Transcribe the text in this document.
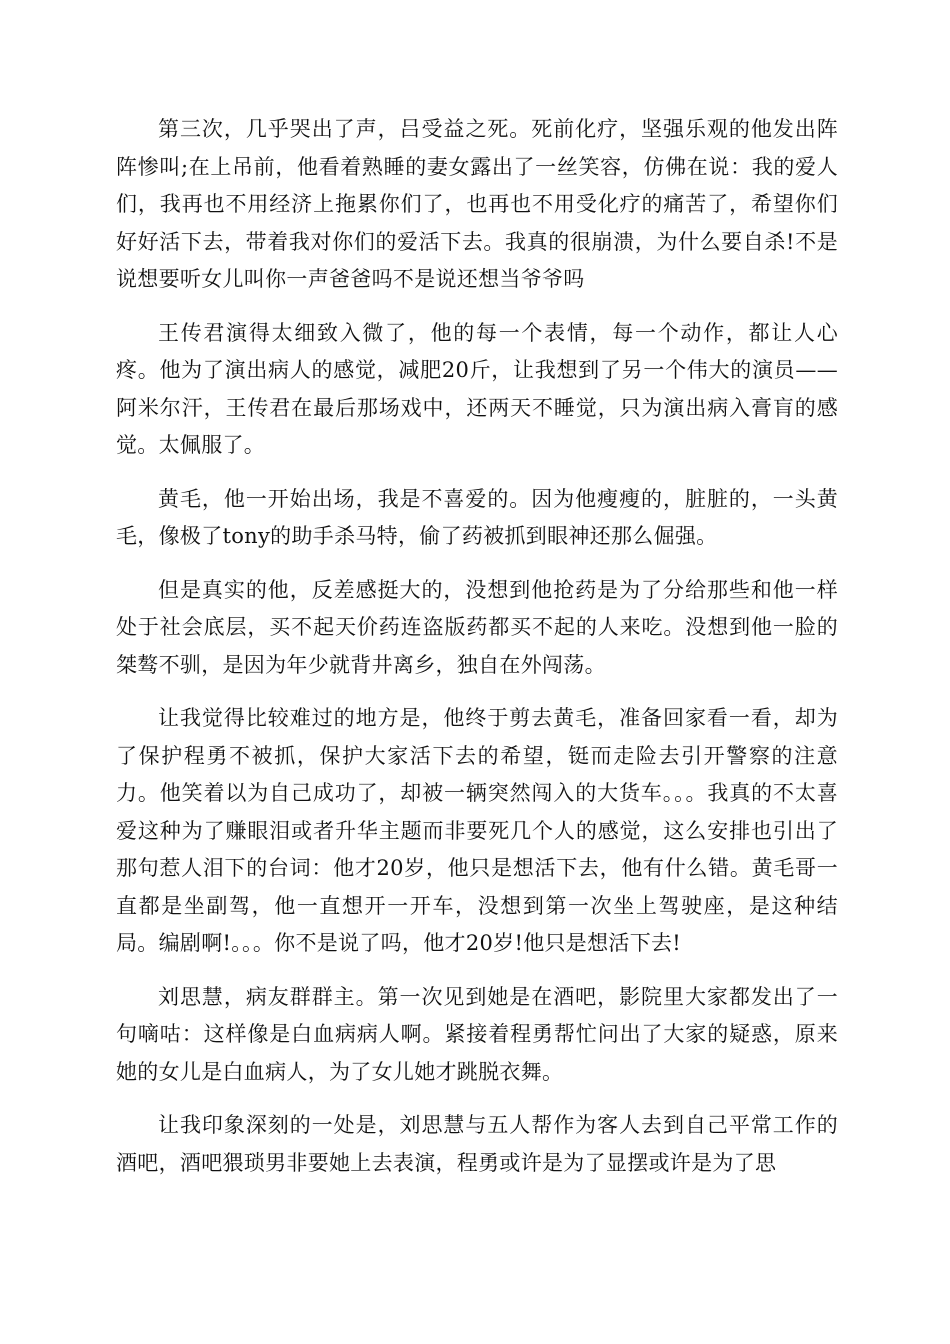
第三次，几乎哭出了声，吕受益之死。死前化疗，坚强乐观的他发出阵阵惨叫;在上吊前，他看着熟睡的妻女露出了一丝笑容，仿佛在说：我的爱人们，我再也不用经济上拖累你们了，也再也不用受化疗的痛苦了，希望你们好好活下去，带着我对你们的爱活下去。我真的很崩溃，为什么要自杀!不是说想要听女儿叫你一声爸爸吗不是说还想当爷爷吗

王传君演得太细致入微了，他的每一个表情，每一个动作，都让人心疼。他为了演出病人的感觉，减肥20斤，让我想到了另一个伟大的演员——阿米尔汗，王传君在最后那场戏中，还两天不睡觉，只为演出病入膏肓的感觉。太佩服了。

黄毛，他一开始出场，我是不喜爱的。因为他瘦瘦的，脏脏的，一头黄毛，像极了tony的助手杀马特，偷了药被抓到眼神还那么倔强。

但是真实的他，反差感挺大的，没想到他抢药是为了分给那些和他一样处于社会底层，买不起天价药连盗版药都买不起的人来吃。没想到他一脸的桀骜不驯，是因为年少就背井离乡，独自在外闯荡。

让我觉得比较难过的地方是，他终于剪去黄毛，准备回家看一看，却为了保护程勇不被抓，保护大家活下去的希望，铤而走险去引开警察的注意力。他笑着以为自己成功了，却被一辆突然闯入的大货车。。。我真的不太喜爱这种为了赚眼泪或者升华主题而非要死几个人的感觉，这么安排也引出了那句惹人泪下的台词：他才20岁，他只是想活下去，他有什么错。黄毛哥一直都是坐副驾，他一直想开一开车，没想到第一次坐上驾驶座，是这种结局。编剧啊!。。。你不是说了吗，他才20岁!他只是想活下去!

刘思慧，病友群群主。第一次见到她是在酒吧，影院里大家都发出了一句嘀咕：这样像是白血病病人啊。紧接着程勇帮忙问出了大家的疑惑，原来她的女儿是白血病人，为了女儿她才跳脱衣舞。

让我印象深刻的一处是，刘思慧与五人帮作为客人去到自己平常工作的酒吧，酒吧猥琐男非要她上去表演，程勇或许是为了显摆或许是为了思
